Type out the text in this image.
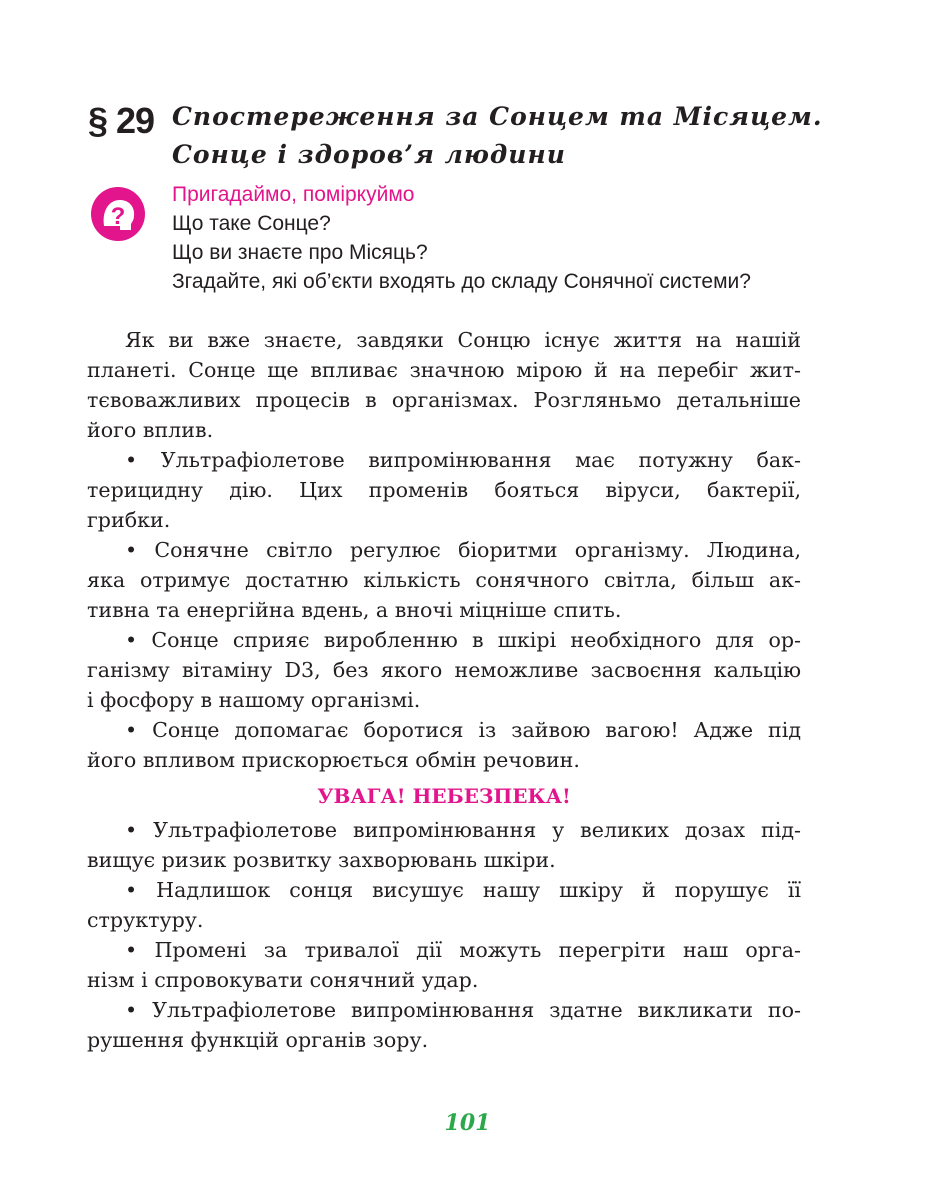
§ 29 Спостереження за Сонцем та Місяцем.
Сонце і здоров’я людини
?
Пригадаймо, поміркуймо
Що таке Сонце?
Що ви знаєте про Місяць?
Згадайте, які об’єкти входять до складу Сонячної системи?
Як ви вже знаєте, завдяки Сонцю існує життя на нашій
планеті. Сонце ще впливає значною мірою й на перебіг жит-
тєвоважливих процесів в організмах. Розгляньмо детальніше
його вплив.
• Ультрафіолетове випромінювання має потужну бак-
терицидну дію. Цих променів бояться віруси, бактерії,
грибки.
• Сонячне світло регулює біоритми організму. Людина,
яка отримує достатню кількість сонячного світла, більш ак-
тивна та енергійна вдень, а вночі міцніше спить.
• Сонце сприяє виробленню в шкірі необхідного для ор-
ганізму вітаміну D3, без якого неможливе засвоєння кальцію
і фосфору в нашому організмі.
• Сонце допомагає боротися із зайвою вагою! Адже під
його впливом прискорюється обмін речовин.
УВАГА! НЕБЕЗПЕКА!
• Ультрафіолетове випромінювання у великих дозах під-
вищує ризик розвитку захворювань шкіри.
• Надлишок сонця висушує нашу шкіру й порушує її
структуру.
• Промені за тривалої дії можуть перегріти наш орга-
нізм і спровокувати сонячний удар.
• Ультрафіолетове випромінювання здатне викликати по-
рушення функцій органів зору.
101
